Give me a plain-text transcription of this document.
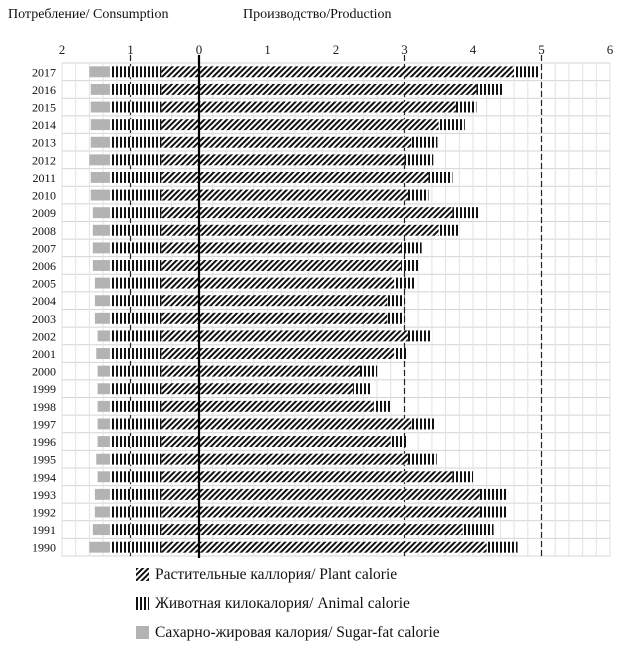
Потребление/ Consumption	Производство/Production
2	1	0	1	2	3	4	5	6
2017
2016
2015
2014
2013
2012
2011
2010
2009
2008
2007
2006
2005
2004
2003
2002
2001
2000
1999
1998
1997
1996
1995
1994
1993
1992
1991
1990
Растительные каллория/ Plant calorie
Животная килокалория/ Animal calorie
Сахарно-жировая калория/ Sugar-fat calorie
